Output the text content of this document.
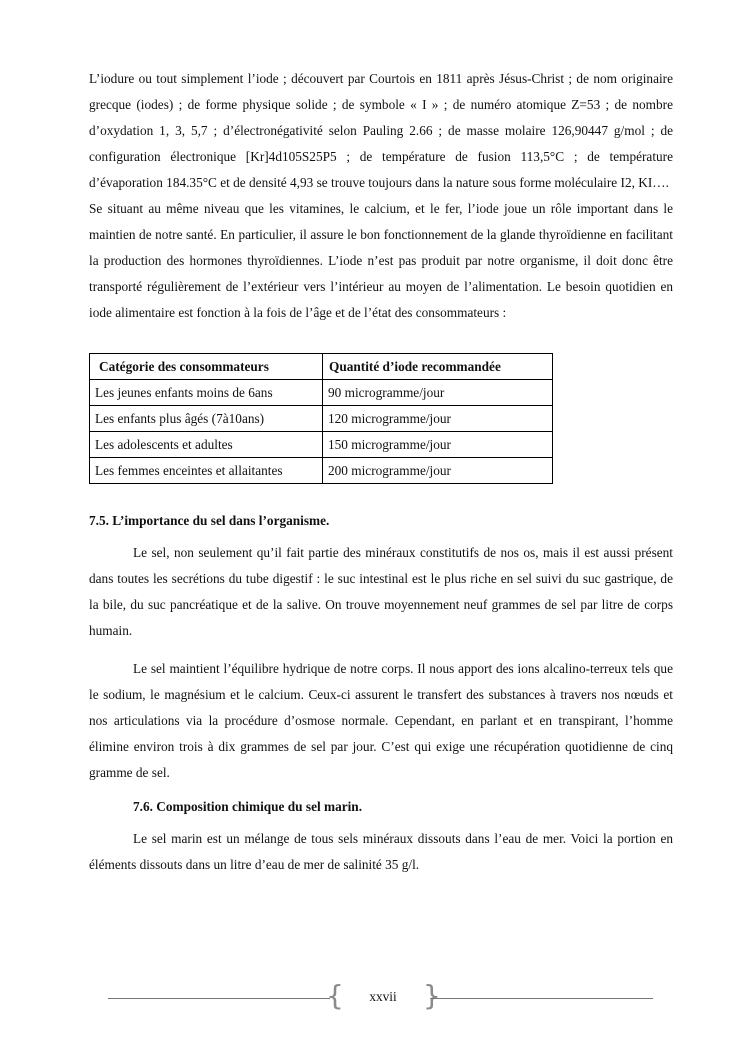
L’iodure ou tout simplement l’iode ; découvert par Courtois en 1811 après Jésus-Christ ; de nom originaire grecque (iodes) ; de forme physique solide ; de symbole « I » ; de numéro atomique Z=53 ; de nombre d’oxydation 1, 3, 5,7 ; d’électronégativité selon Pauling 2.66 ; de masse molaire 126,90447 g/mol ; de configuration électronique [Kr]4d105S25P5 ; de température de fusion 113,5°C ; de température d’évaporation 184.35°C et de densité 4,93 se trouve toujours dans la nature sous forme moléculaire I2, KI….

Se situant au même niveau que les vitamines, le calcium, et le fer, l’iode joue un rôle important dans le maintien de notre santé. En particulier, il assure le bon fonctionnement de la glande thyroïdienne en facilitant la production des hormones thyroïdiennes. L’iode n’est pas produit par notre organisme, il doit donc être transporté régulièrement de l’extérieur vers l’intérieur au moyen de l’alimentation. Le besoin quotidien en iode alimentaire est fonction à la fois de l’âge et de l’état des consommateurs :

Catégorie des consommateurs	Quantité d’iode recommandée
Les jeunes enfants moins de 6ans	90 microgramme/jour
Les enfants plus âgés (7à10ans)	120 microgramme/jour
Les adolescents et adultes	150 microgramme/jour
Les femmes enceintes et allaitantes	200 microgramme/jour
7.5. L’importance du sel dans l’organisme.

Le sel, non seulement qu’il fait partie des minéraux constitutifs de nos os, mais il est aussi présent dans toutes les secrétions du tube digestif : le suc intestinal est le plus riche en sel suivi du suc gastrique, de la bile, du suc pancréatique et de la salive. On trouve moyennement neuf grammes de sel par litre de corps humain.

Le sel maintient l’équilibre hydrique de notre corps. Il nous apport des ions alcalino-terreux tels que le sodium, le magnésium et le calcium. Ceux-ci assurent le transfert des substances à travers nos nœuds et nos articulations via la procédure d’osmose normale. Cependant, en parlant et en transpirant, l’homme élimine environ trois à dix grammes de sel par jour. C’est qui exige une récupération quotidienne de cinq gramme de sel.

7.6. Composition chimique du sel marin.

Le sel marin est un mélange de tous sels minéraux dissouts dans l’eau de mer. Voici la portion en éléments dissouts dans un litre d’eau de mer de salinité 35 g/l.

{	xxvii }
